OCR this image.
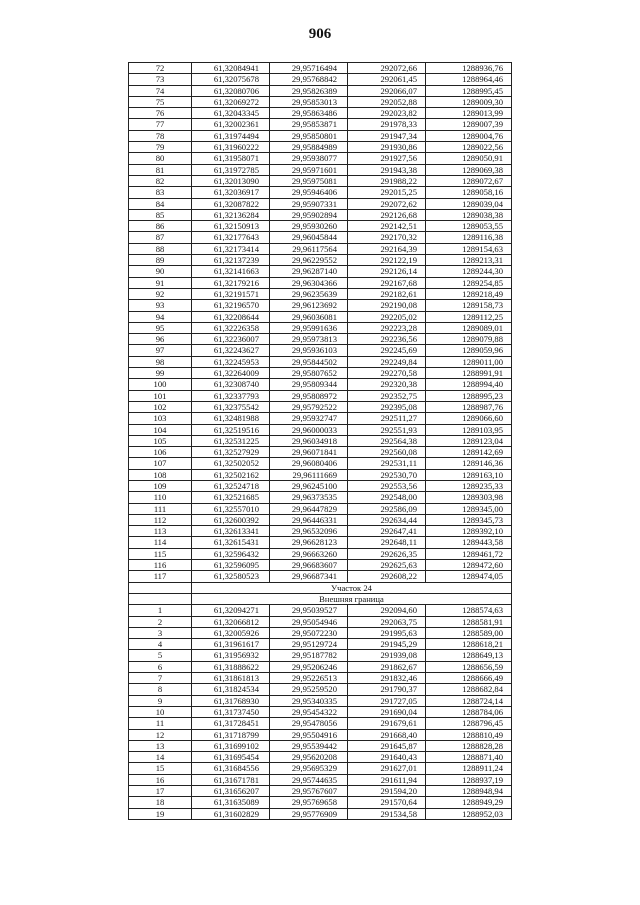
906
72	61,32084941	29,95716494	292072,66	1288936,76
73	61,32075678	29,95768842	292061,45	1288964,46
74	61,32080706	29,95826389	292066,07	1288995,45
75	61,32069272	29,95853013	292052,88	1289009,30
76	61,32043345	29,95863486	292023,82	1289013,99
77	61,32002361	29,95853871	291978,33	1289007,39
78	61,31974494	29,95850801	291947,34	1289004,76
79	61,31960222	29,95884989	291930,86	1289022,56
80	61,31958071	29,95938077	291927,56	1289050,91
81	61,31972785	29,95971601	291943,38	1289069,38
82	61,32013090	29,95975081	291988,22	1289072,67
83	61,32036917	29,95946406	292015,25	1289058,16
84	61,32087822	29,95907331	292072,62	1289039,04
85	61,32136284	29,95902894	292126,68	1289038,38
86	61,32150913	29,95930260	292142,51	1289053,55
87	61,32177643	29,96045844	292170,32	1289116,38
88	61,32173414	29,96117564	292164,39	1289154,63
89	61,32137239	29,96229552	292122,19	1289213,31
90	61,32141663	29,96287140	292126,14	1289244,30
91	61,32179216	29,96304366	292167,68	1289254,85
92	61,32191571	29,96235639	292182,61	1289218,49
93	61,32196570	29,96123692	292190,08	1289158,73
94	61,32208644	29,96036081	292205,02	1289112,25
95	61,32226358	29,95991636	292223,28	1289089,01
96	61,32236007	29,95973813	292236,56	1289079,88
97	61,32243627	29,95936103	292245,69	1289059,96
98	61,32245953	29,95844502	292249,84	1289011,00
99	61,32264009	29,95807652	292270,58	1288991,91
100	61,32308740	29,95809344	292320,38	1288994,40
101	61,32337793	29,95808972	292352,75	1288995,23
102	61,32375542	29,95792522	292395,08	1288987,76
103	61,32481988	29,95932747	292511,27	1289066,60
104	61,32519516	29,96000033	292551,93	1289103,95
105	61,32531225	29,96034918	292564,38	1289123,04
106	61,32527929	29,96071841	292560,08	1289142,69
107	61,32502052	29,96080406	292531,11	1289146,36
108	61,32502162	29,96111669	292530,70	1289163,10
109	61,32524718	29,96245100	292553,56	1289235,33
110	61,32521685	29,96373535	292548,00	1289303,98
111	61,32557010	29,96447829	292586,09	1289345,00
112	61,32600392	29,96446331	292634,44	1289345,73
113	61,32613341	29,96532096	292647,41	1289392,10
114	61,32615431	29,96628123	292648,11	1289443,58
115	61,32596432	29,96663260	292626,35	1289461,72
116	61,32596095	29,96683607	292625,63	1289472,60
117	61,32580523	29,96687341	292608,22	1289474,05
	Участок 24			
	Внешняя граница			
1	61,32094271	29,95039527	292094,60	1288574,63
2	61,32066812	29,95054946	292063,75	1288581,91
3	61,32005926	29,95072230	291995,63	1288589,00
4	61,31961617	29,95129724	291945,29	1288618,21
5	61,31956932	29,95187782	291939,08	1288649,13
6	61,31888622	29,95206246	291862,67	1288656,59
7	61,31861813	29,95226513	291832,46	1288666,49
8	61,31824534	29,95259520	291790,37	1288682,84
9	61,31768930	29,95340335	291727,05	1288724,14
10	61,31737450	29,95454322	291690,04	1288784,06
11	61,31728451	29,95478056	291679,61	1288796,45
12	61,31718799	29,95504916	291668,40	1288810,49
13	61,31699102	29,95539442	291645,87	1288828,28
14	61,31695454	29,95620208	291640,43	1288871,40
15	61,31684556	29,95695329	291627,01	1288911,24
16	61,31671781	29,95744635	291611,94	1288937,19
17	61,31656207	29,95767607	291594,20	1288948,94
18	61,31635089	29,95769658	291570,64	1288949,29
19	61,31602829	29,95776909	291534,58	1288952,03
